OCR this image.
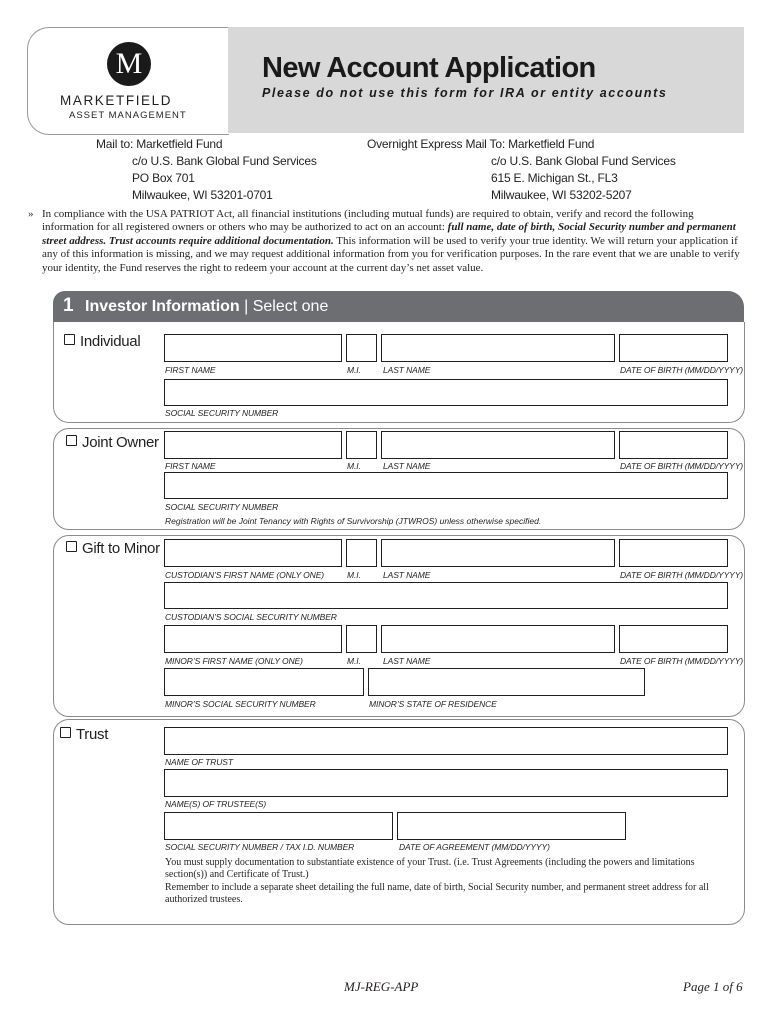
M
MARKETFIELD
ASSET MANAGEMENT
New Account Application
Please do not use this form for IRA or entity accounts
Mail to: Marketfield Fund
c/o U.S. Bank Global Fund Services
PO Box 701
Milwaukee, WI 53201-0701
Overnight Express Mail To: Marketfield Fund
c/o U.S. Bank Global Fund Services
615 E. Michigan St., FL3
Milwaukee, WI 53202-5207
» In compliance with the USA PATRIOT Act, all financial institutions (including mutual funds) are required to obtain, verify and record the following information for all registered owners or others who may be authorized to act on an account: full name, date of birth, Social Security number and permanent street address. Trust accounts require additional documentation. This information will be used to verify your true identity. We will return your application if any of this information is missing, and we may request additional information from you for verification purposes. In the rare event that we are unable to verify your identity, the Fund reserves the right to redeem your account at the current day’s net asset value.
1 Investor Information | Select one
Individual
FIRST NAME	M.I.	LAST NAME	DATE OF BIRTH (MM/DD/YYYY)
SOCIAL SECURITY NUMBER
Joint Owner
FIRST NAME	M.I.	LAST NAME	DATE OF BIRTH (MM/DD/YYYY)
SOCIAL SECURITY NUMBER
Registration will be Joint Tenancy with Rights of Survivorship (JTWROS) unless otherwise specified.
Gift to Minor
CUSTODIAN’S FIRST NAME (ONLY ONE)	M.I.	LAST NAME	DATE OF BIRTH (MM/DD/YYYY)
CUSTODIAN’S SOCIAL SECURITY NUMBER
MINOR’S FIRST NAME (ONLY ONE)	M.I.	LAST NAME	DATE OF BIRTH (MM/DD/YYYY)
MINOR’S SOCIAL SECURITY NUMBER	MINOR’S STATE OF RESIDENCE
Trust
NAME OF TRUST
NAME(S) OF TRUSTEE(S)
SOCIAL SECURITY NUMBER / TAX I.D. NUMBER	DATE OF AGREEMENT (MM/DD/YYYY)
You must supply documentation to substantiate existence of your Trust. (i.e. Trust Agreements (including the powers and limitations section(s)) and Certificate of Trust.)
Remember to include a separate sheet detailing the full name, date of birth, Social Security number, and permanent street address for all authorized trustees.
MJ-REG-APP	Page 1 of 6
